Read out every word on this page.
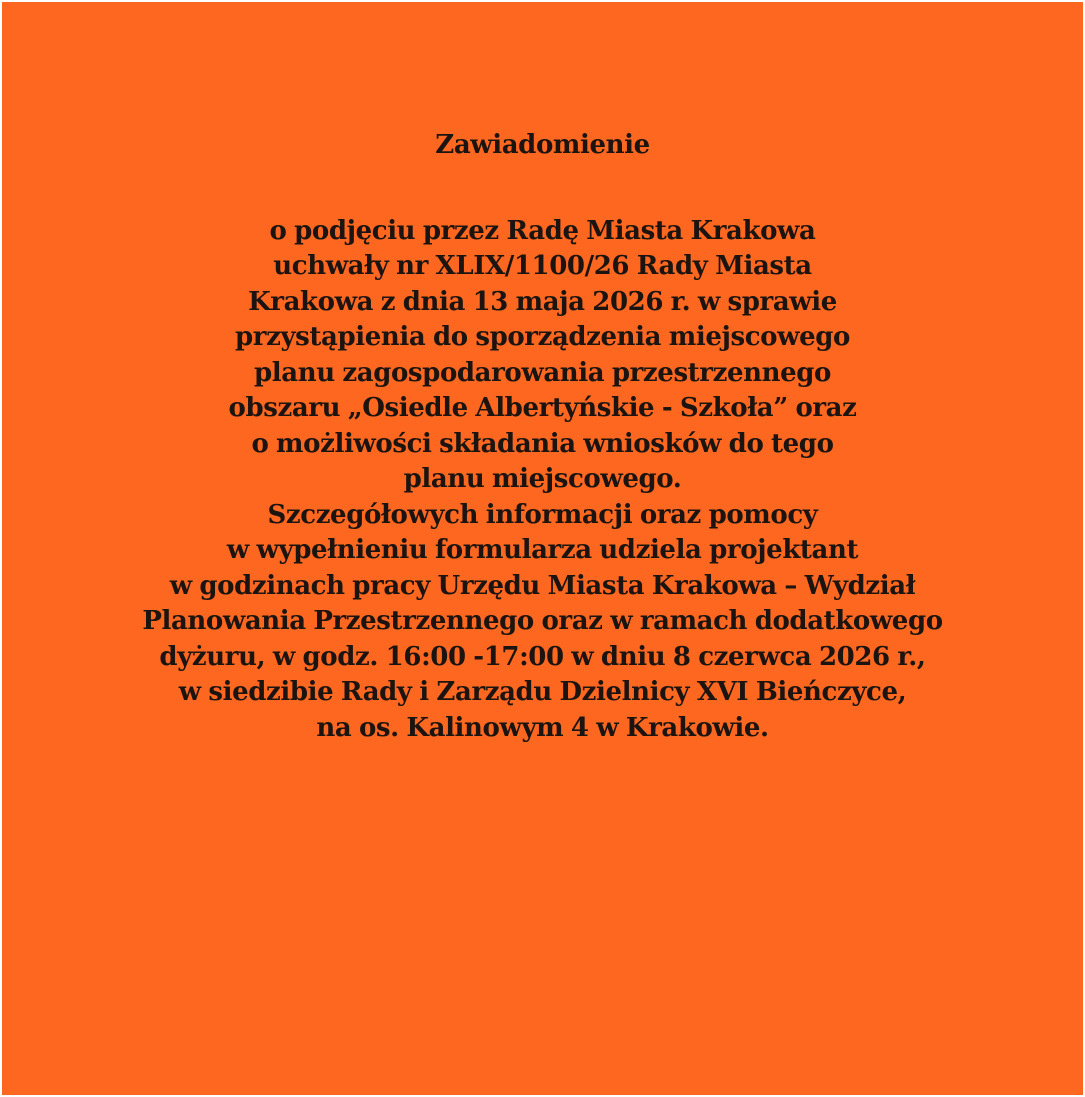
Zawiadomienie
o podjęciu przez Radę Miasta Krakowa
uchwały nr XLIX/1100/26 Rady Miasta
Krakowa z dnia 13 maja 2026 r. w sprawie
przystąpienia do sporządzenia miejscowego
planu zagospodarowania przestrzennego
obszaru „Osiedle Albertyńskie - Szkoła” oraz
o możliwości składania wniosków do tego
planu miejscowego.
Szczegółowych informacji oraz pomocy
w wypełnieniu formularza udziela projektant
w godzinach pracy Urzędu Miasta Krakowa – Wydział
Planowania Przestrzennego oraz w ramach dodatkowego
dyżuru, w godz. 16:00 -17:00 w dniu 8 czerwca 2026 r.,
w siedzibie Rady i Zarządu Dzielnicy XVI Bieńczyce,
na os. Kalinowym 4 w Krakowie.
